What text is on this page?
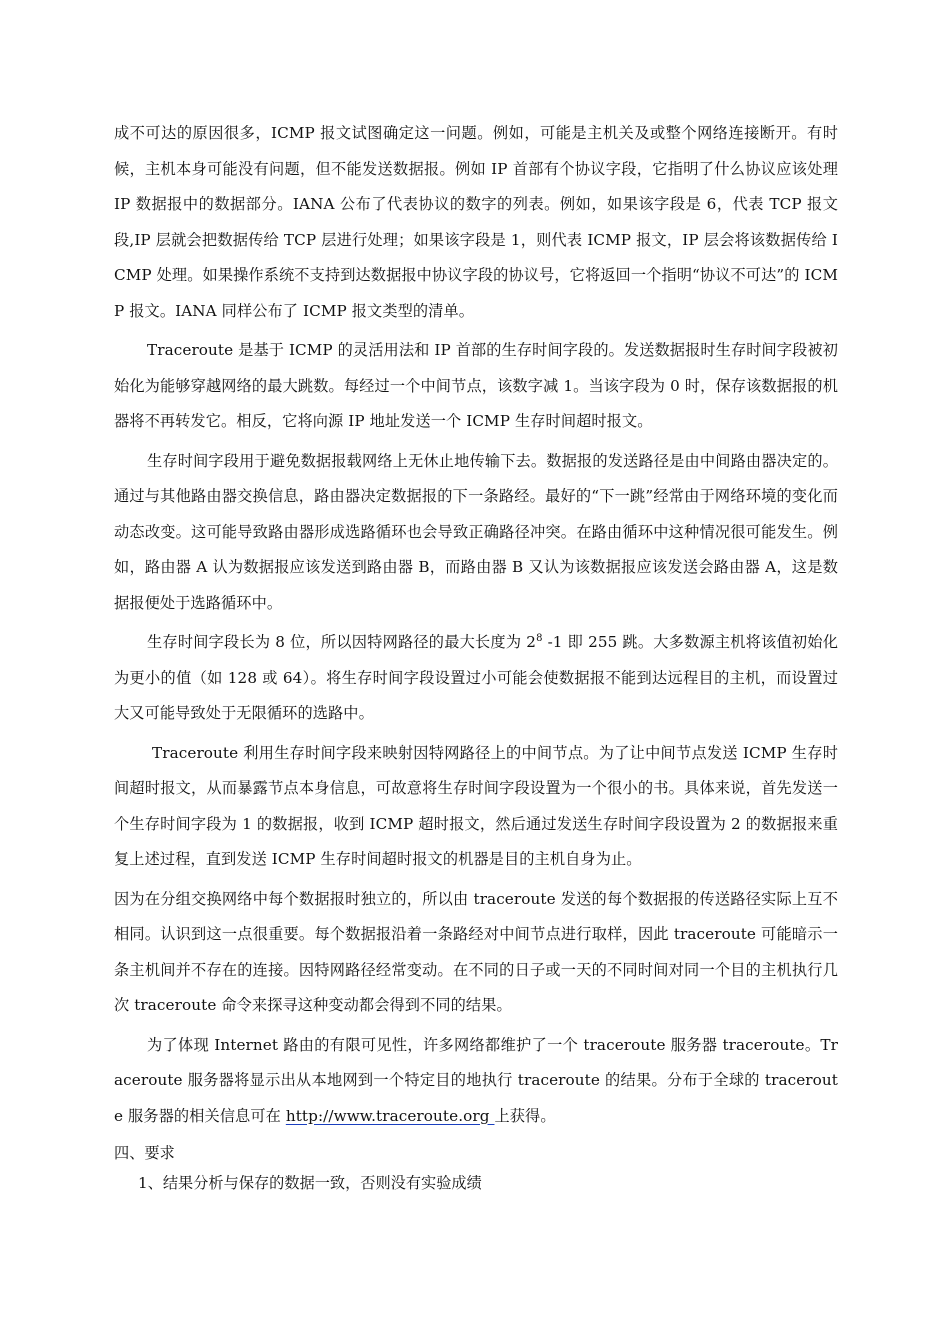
成不可达的原因很多，ICMP 报文试图确定这一问题。例如，可能是主机关及或整个网络连接断开。有时候，主机本身可能没有问题，但不能发送数据报。例如 IP 首部有个协议字段，它指明了什么协议应该处理 IP 数据报中的数据部分。IANA 公布了代表协议的数字的列表。例如，如果该字段是 6，代表 TCP 报文段,IP 层就会把数据传给 TCP 层进行处理；如果该字段是 1，则代表 ICMP 报文，IP 层会将该数据传给 ICMP 处理。如果操作系统不支持到达数据报中协议字段的协议号，它将返回一个指明“协议不可达”的 ICMP 报文。IANA 同样公布了 ICMP 报文类型的清单。

Traceroute 是基于 ICMP 的灵活用法和 IP 首部的生存时间字段的。发送数据报时生存时间字段被初始化为能够穿越网络的最大跳数。每经过一个中间节点，该数字减 1。当该字段为 0 时，保存该数据报的机器将不再转发它。相反，它将向源 IP 地址发送一个 ICMP 生存时间超时报文。

生存时间字段用于避免数据报载网络上无休止地传输下去。数据报的发送路径是由中间路由器决定的。通过与其他路由器交换信息，路由器决定数据报的下一条路经。最好的“下一跳”经常由于网络环境的变化而动态改变。这可能导致路由器形成选路循环也会导致正确路径冲突。在路由循环中这种情况很可能发生。例如，路由器 A 认为数据报应该发送到路由器 B，而路由器 B 又认为该数据报应该发送会路由器 A，这是数据报便处于选路循环中。

生存时间字段长为 8 位，所以因特网路径的最大长度为 $2^8$ -1 即 255 跳。大多数源主机将该值初始化为更小的值（如 128 或 64）。将生存时间字段设置过小可能会使数据报不能到达远程目的主机，而设置过大又可能导致处于无限循环的选路中。

Traceroute 利用生存时间字段来映射因特网路径上的中间节点。为了让中间节点发送 ICMP 生存时间超时报文，从而暴露节点本身信息，可故意将生存时间字段设置为一个很小的书。具体来说，首先发送一个生存时间字段为 1 的数据报，收到 ICMP 超时报文，然后通过发送生存时间字段设置为 2 的数据报来重复上述过程，直到发送 ICMP 生存时间超时报文的机器是目的主机自身为止。

因为在分组交换网络中每个数据报时独立的，所以由 traceroute 发送的每个数据报的传送路径实际上互不相同。认识到这一点很重要。每个数据报沿着一条路经对中间节点进行取样，因此 traceroute 可能暗示一条主机间并不存在的连接。因特网路径经常变动。在不同的日子或一天的不同时间对同一个目的主机执行几次 traceroute 命令来探寻这种变动都会得到不同的结果。

为了体现 Internet 路由的有限可见性，许多网络都维护了一个 traceroute 服务器 traceroute。Traceroute 服务器将显示出从本地网到一个特定目的地执行 traceroute 的结果。分布于全球的 traceroute 服务器的相关信息可在 http://www.traceroute.org 上获得。

四、要求

1、结果分析与保存的数据一致，否则没有实验成绩
